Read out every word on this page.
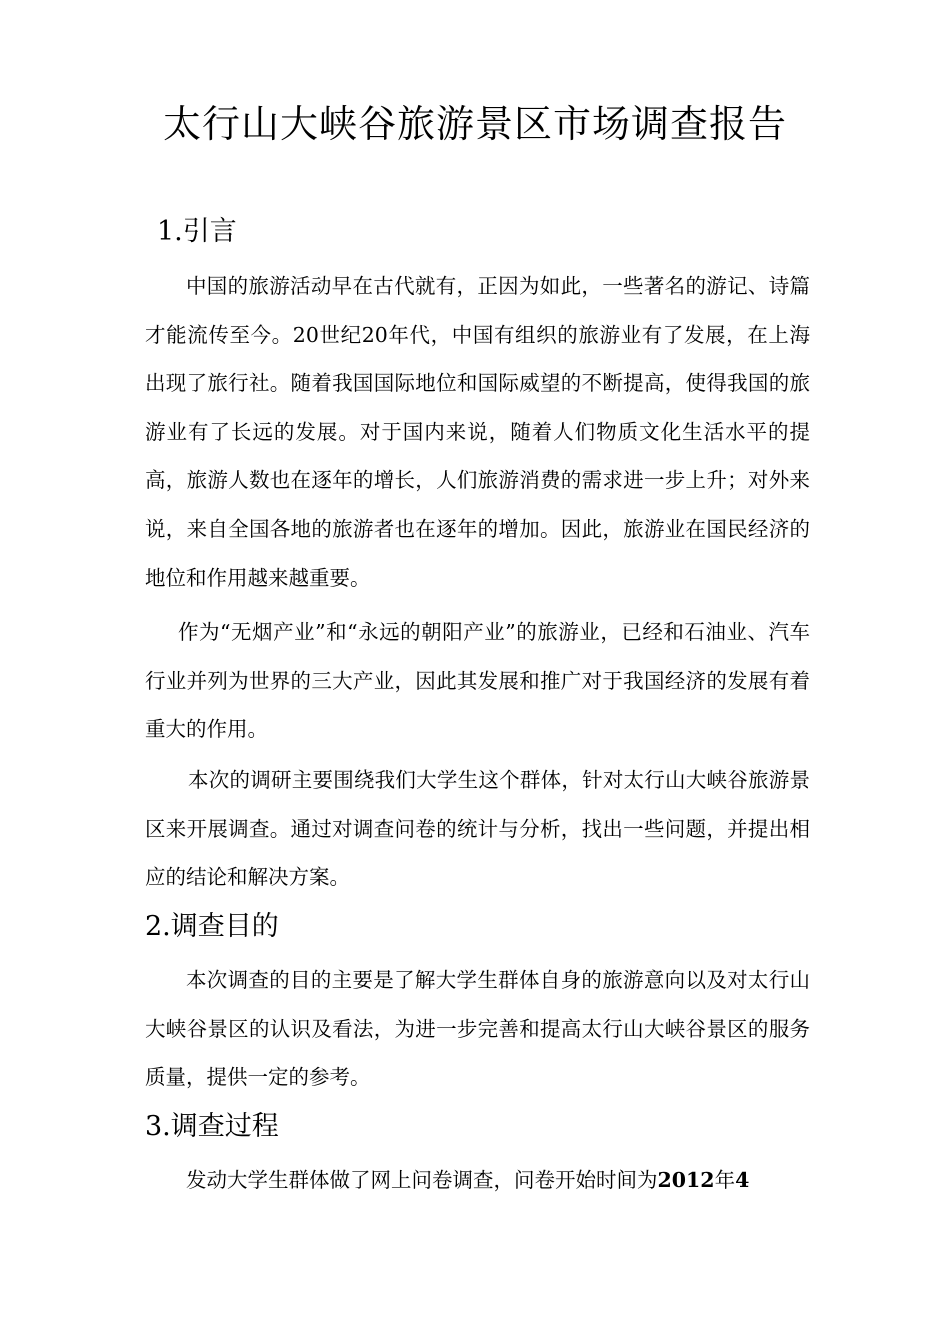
太行山大峡谷旅游景区市场调查报告
1.引言

中国的旅游活动早在古代就有，正因为如此，一些著名的游记、诗篇才能流传至今。20世纪20年代，中国有组织的旅游业有了发展，在上海出现了旅行社。随着我国国际地位和国际威望的不断提高，使得我国的旅游业有了长远的发展。对于国内来说，随着人们物质文化生活水平的提高，旅游人数也在逐年的增长，人们旅游消费的需求进一步上升；对外来说，来自全国各地的旅游者也在逐年的增加。因此，旅游业在国民经济的地位和作用越来越重要。

作为“无烟产业”和“永远的朝阳产业”的旅游业，已经和石油业、汽车行业并列为世界的三大产业，因此其发展和推广对于我国经济的发展有着重大的作用。

本次的调研主要围绕我们大学生这个群体，针对太行山大峡谷旅游景区来开展调查。通过对调查问卷的统计与分析，找出一些问题，并提出相应的结论和解决方案。

2.调查目的

本次调查的目的主要是了解大学生群体自身的旅游意向以及对太行山大峡谷景区的认识及看法，为进一步完善和提高太行山大峡谷景区的服务质量，提供一定的参考。

3.调查过程

发动大学生群体做了网上问卷调查，问卷开始时间为2012年4
